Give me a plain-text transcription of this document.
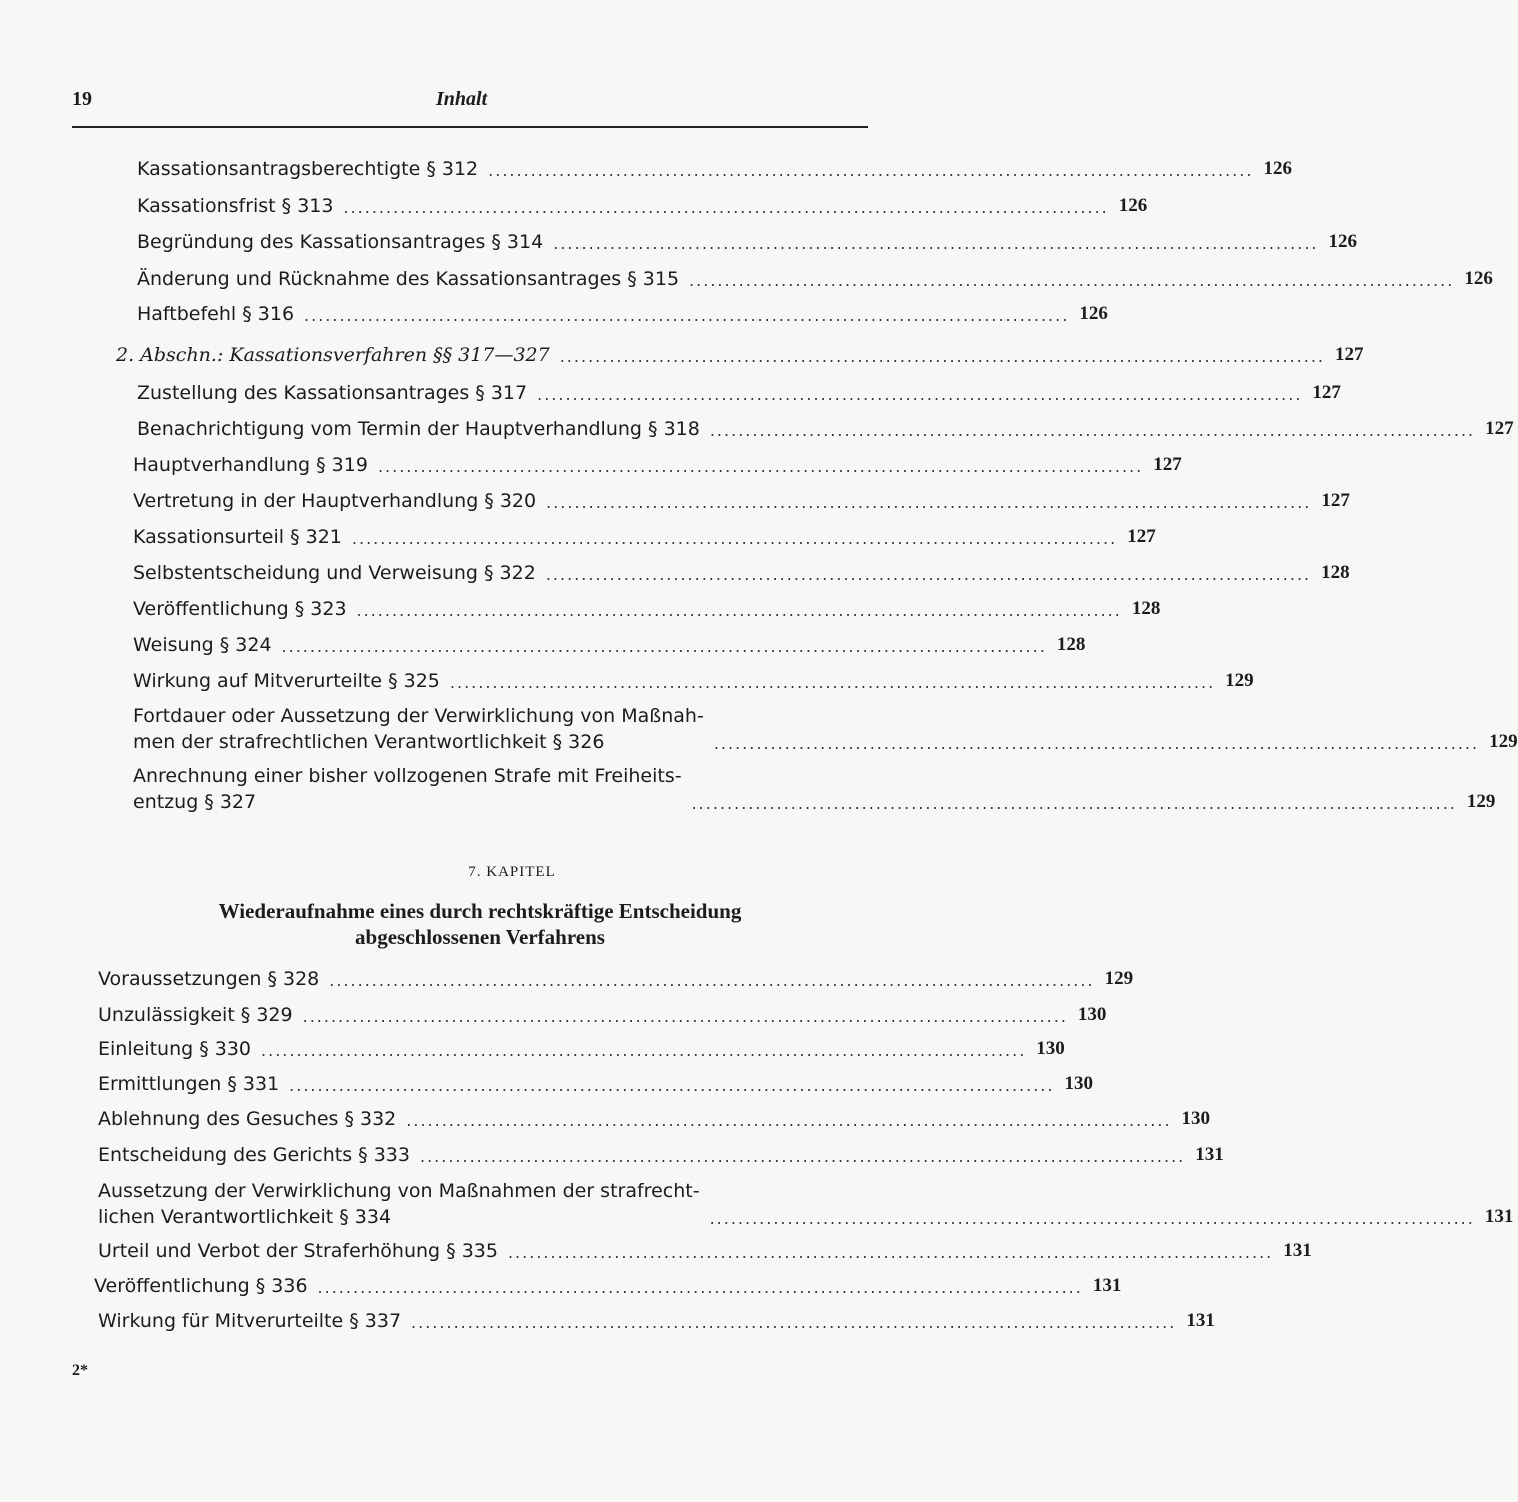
19	Inhalt
Kassationsantragsberechtigte § 312 ............................................................................................................ 126
Kassationsfrist § 313 ............................................................................................................ 126
Begründung des Kassationsantrages § 314 ............................................................................................................ 126
Änderung und Rücknahme des Kassationsantrages § 315 ............................................................................................................ 126
Haftbefehl § 316 ............................................................................................................ 126
2. Abschn.: Kassationsverfahren §§ 317—327 ............................................................................................................ 127
Zustellung des Kassationsantrages § 317 ............................................................................................................ 127
Benachrichtigung vom Termin der Hauptverhandlung § 318 ............................................................................................................ 127
Hauptverhandlung § 319 ............................................................................................................ 127
Vertretung in der Hauptverhandlung § 320 ............................................................................................................ 127
Kassationsurteil § 321 ............................................................................................................ 127
Selbstentscheidung und Verweisung § 322 ............................................................................................................ 128
Veröffentlichung § 323 ............................................................................................................ 128
Weisung § 324 ............................................................................................................ 128
Wirkung auf Mitverurteilte § 325 ............................................................................................................ 129
Fortdauer oder Aussetzung der Verwirklichung von Maßnah-
men der strafrechtlichen Verantwortlichkeit § 326	............................................................................................................ 129
Anrechnung einer bisher vollzogenen Strafe mit Freiheits-
entzug § 327	............................................................................................................ 129
7. KAPITEL
Wiederaufnahme eines durch rechtskräftige Entscheidung
abgeschlossenen Verfahrens
Voraussetzungen § 328 ............................................................................................................ 129
Unzulässigkeit § 329 ............................................................................................................ 130
Einleitung § 330 ............................................................................................................ 130
Ermittlungen § 331 ............................................................................................................ 130
Ablehnung des Gesuches § 332 ............................................................................................................ 130
Entscheidung des Gerichts § 333 ............................................................................................................ 131
Aussetzung der Verwirklichung von Maßnahmen der strafrecht-
lichen Verantwortlichkeit § 334	............................................................................................................ 131
Urteil und Verbot der Straferhöhung § 335 ............................................................................................................ 131
Veröffentlichung § 336 ............................................................................................................ 131
Wirkung für Mitverurteilte § 337 ............................................................................................................ 131
2*
